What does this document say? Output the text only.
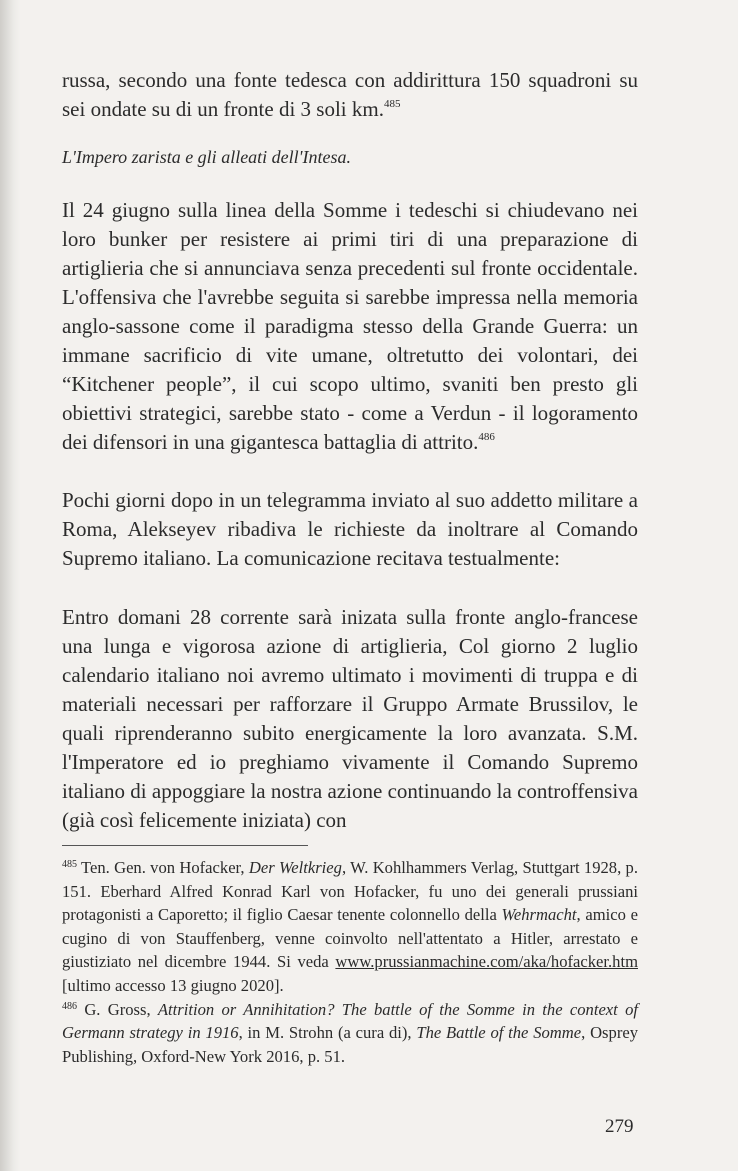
russa, secondo una fonte tedesca con addirittura 150 squadroni su sei ondate su di un fronte di 3 soli km.$^{485}$

L'Impero zarista e gli alleati dell'Intesa.

Il 24 giugno sulla linea della Somme i tedeschi si chiudevano nei loro bunker per resistere ai primi tiri di una preparazione di artiglieria che si annunciava senza precedenti sul fronte occidentale. L'offensiva che l'avrebbe seguita si sarebbe impressa nella memoria anglo-sassone come il paradigma stesso della Grande Guerra: un immane sacrificio di vite umane, oltretutto dei volontari, dei “Kitchener people”, il cui scopo ultimo, svaniti ben presto gli obiettivi strategici, sarebbe stato - come a Verdun - il logoramento dei difensori in una gigantesca battaglia di attrito.$^{486}$

Pochi giorni dopo in un telegramma inviato al suo addetto militare a Roma, Alekseyev ribadiva le richieste da inoltrare al Comando Supremo italiano. La comunicazione recitava testualmente:

Entro domani 28 corrente sarà inizata sulla fronte anglo-francese una lunga e vigorosa azione di artiglieria, Col giorno 2 luglio calendario italiano noi avremo ultimato i movimenti di truppa e di materiali necessari per rafforzare il Gruppo Armate Brussilov, le quali riprenderanno subito energicamente la loro avanzata. S.M. l'Imperatore ed io preghiamo vivamente il Comando Supremo italiano di appoggiare la nostra azione continuando la controffensiva (già così felicemente iniziata) con

$^{485}$ Ten. Gen. von Hofacker, Der Weltkrieg, W. Kohlhammers Verlag, Stuttgart 1928, p. 151. Eberhard Alfred Konrad Karl von Hofacker, fu uno dei generali prussiani protagonisti a Caporetto; il figlio Caesar tenente colonnello della Wehrmacht, amico e cugino di von Stauffenberg, venne coinvolto nell'attentato a Hitler, arrestato e giustiziato nel dicembre 1944. Si veda www.prussianmachine.com/aka/hofacker.htm [ultimo accesso 13 giugno 2020].

$^{486}$ G. Gross, Attrition or Annihitation? The battle of the Somme in the context of Germann strategy in 1916, in M. Strohn (a cura di), The Battle of the Somme, Osprey Publishing, Oxford-New York 2016, p. 51.

279
